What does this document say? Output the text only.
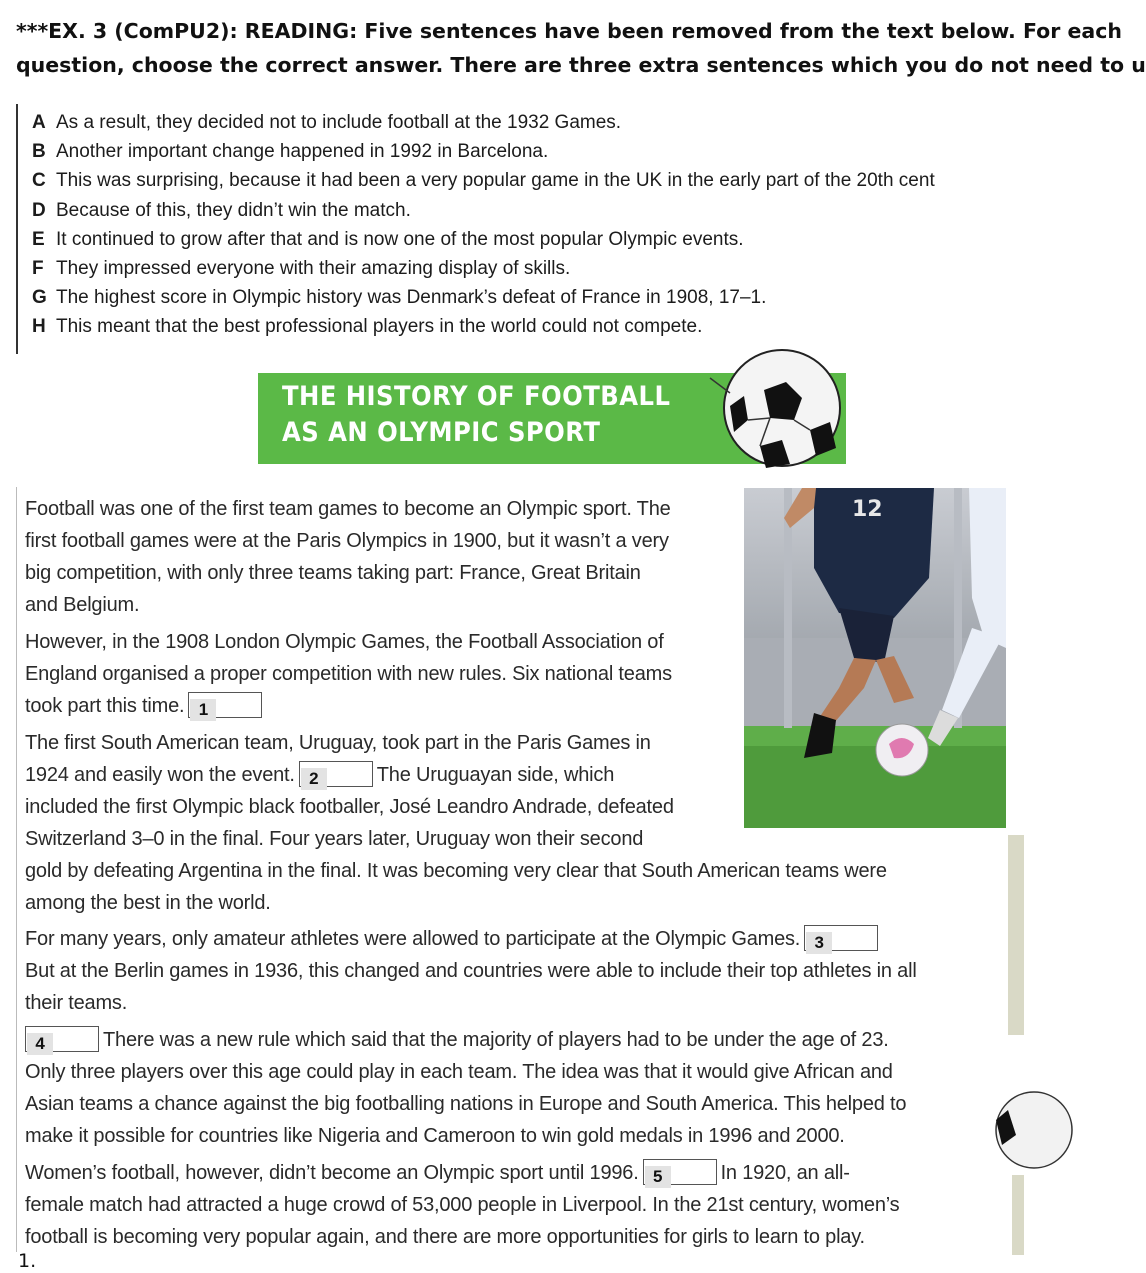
***EX. 3 (ComPU2): READING: Five sentences have been removed from the text below. For each
question, choose the correct answer. There are three extra sentences which you do not need to u
A As a result, they decided not to include football at the 1932 Games.
B Another important change happened in 1992 in Barcelona.
C This was surprising, because it had been a very popular game in the UK in the early part of the 20th cent
D Because of this, they didn’t win the match.
E It continued to grow after that and is now one of the most popular Olympic events.
F They impressed everyone with their amazing display of skills.
G The highest score in Olympic history was Denmark’s defeat of France in 1908, 17–1.
H This meant that the best professional players in the world could not compete.
THE HISTORY OF FOOTBALL
AS AN OLYMPIC SPORT
12
Football was one of the first team games to become an Olympic sport. The
first football games were at the Paris Olympics in 1900, but it wasn’t a very
big competition, with only three teams taking part: France, Great Britain
and Belgium.
However, in the 1908 London Olympic Games, the Football Association of
England organised a proper competition with new rules. Six national teams
took part this time. 1
The first South American team, Uruguay, took part in the Paris Games in
1924 and easily won the event. 2	The Uruguayan side, which
included the first Olympic black footballer, José Leandro Andrade, defeated
Switzerland 3–0 in the final. Four years later, Uruguay won their second
gold by defeating Argentina in the final. It was becoming very clear that South American teams were
among the best in the world.
For many years, only amateur athletes were allowed to participate at the Olympic Games. 3
But at the Berlin games in 1936, this changed and countries were able to include their top athletes in all
their teams.
4	There was a new rule which said that the majority of players had to be under the age of 23.
Only three players over this age could play in each team. The idea was that it would give African and
Asian teams a chance against the big footballing nations in Europe and South America. This helped to
make it possible for countries like Nigeria and Cameroon to win gold medals in 1996 and 2000.
Women’s football, however, didn’t become an Olympic sport until 1996. 5	In 1920, an all-
female match had attracted a huge crowd of 53,000 people in Liverpool. In the 21st century, women’s
football is becoming very popular again, and there are more opportunities for girls to learn to play.
1.
